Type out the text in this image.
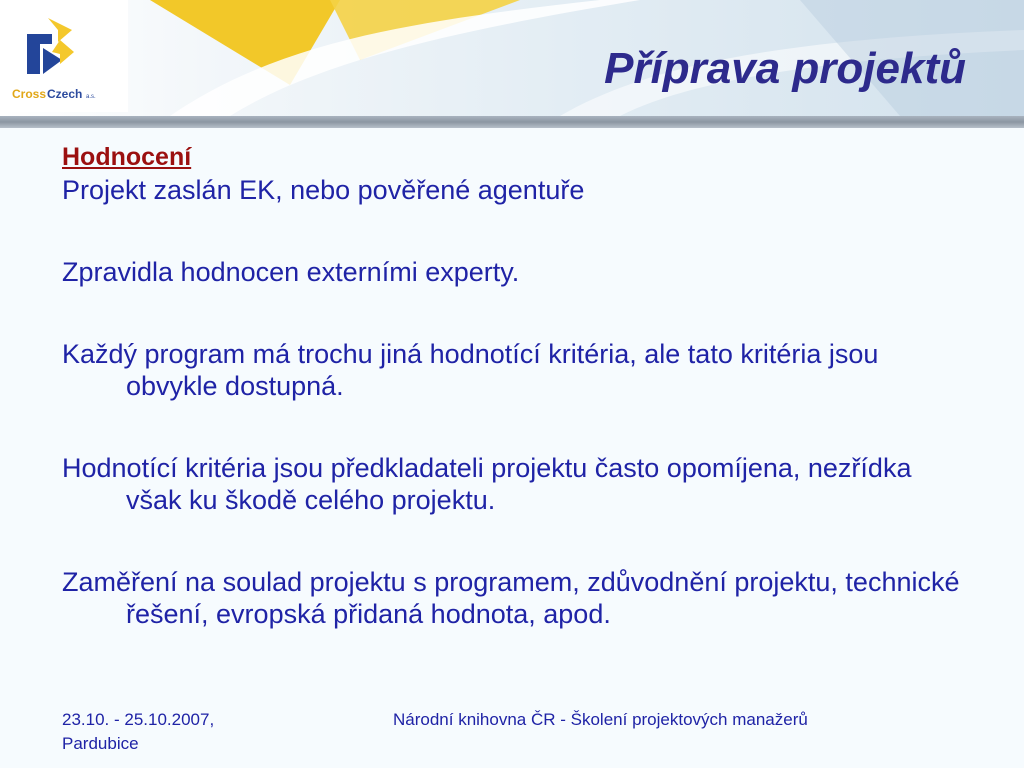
Cross Czech a.s.
Příprava projektů

Hodnocení

Projekt zaslán EK, nebo pověřené agentuře

Zpravidla hodnocen externími experty.

Každý program má trochu jiná hodnotící kritéria, ale tato kritéria jsou obvykle dostupná.

Hodnotící kritéria jsou předkladateli projektu často opomíjena, nezřídka však ku škodě celého projektu.

Zaměření na soulad projektu s programem, zdůvodnění projektu, technické řešení, evropská přidaná hodnota, apod.

23.10. - 25.10.2007, Pardubice
Národní knihovna ČR - Školení projektových manažerů
